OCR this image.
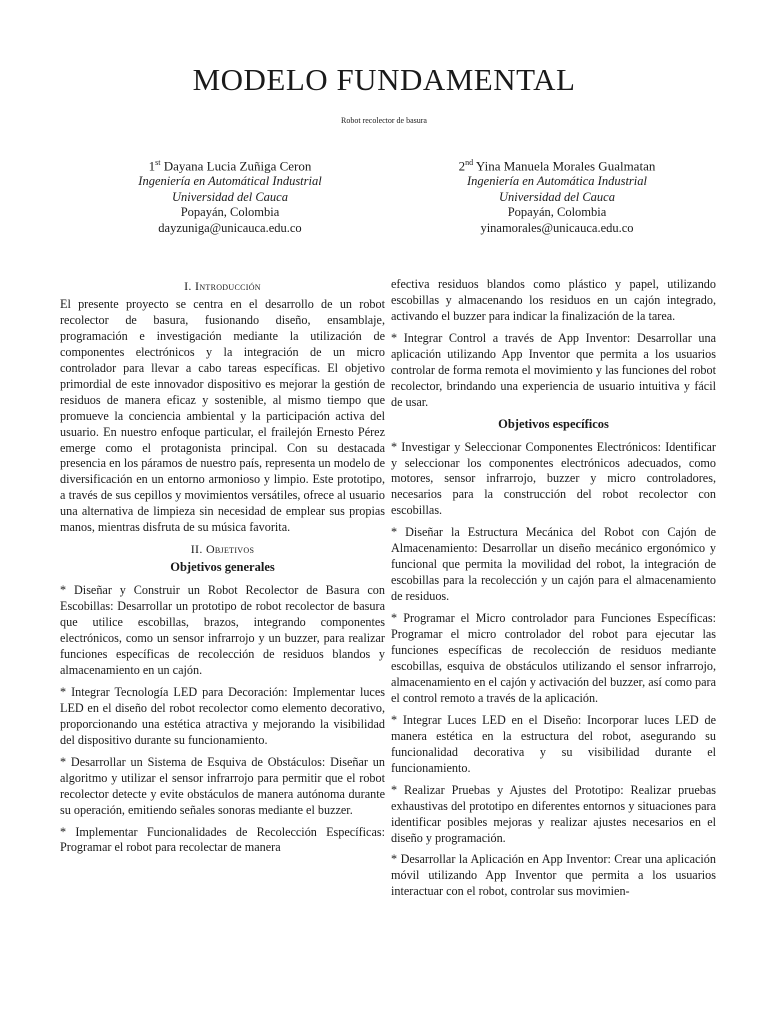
MODELO FUNDAMENTAL
Robot recolector de basura
1st Dayana Lucia Zuñiga Ceron
Ingeniería en Automátical Industrial
Universidad del Cauca
Popayán, Colombia
dayzuniga@unicauca.edu.co
2nd Yina Manuela Morales Gualmatan
Ingeniería en Automática Industrial
Universidad del Cauca
Popayán, Colombia
yinamorales@unicauca.edu.co
I. Introducción

El presente proyecto se centra en el desarrollo de un robot recolector de basura, fusionando diseño, ensamblaje, programación e investigación mediante la utilización de componentes electrónicos y la integración de un micro controlador para llevar a cabo tareas específicas. El objetivo primordial de este innovador dispositivo es mejorar la gestión de residuos de manera eficaz y sostenible, al mismo tiempo que promueve la conciencia ambiental y la participación activa del usuario. En nuestro enfoque particular, el frailejón Ernesto Pérez emerge como el protagonista principal. Con su destacada presencia en los páramos de nuestro país, representa un modelo de diversificación en un entorno armonioso y limpio. Este prototipo, a través de sus cepillos y movimientos versátiles, ofrece al usuario una alternativa de limpieza sin necesidad de emplear sus propias manos, mientras disfruta de su música favorita.

II. Objetivos
Objetivos generales

* Diseñar y Construir un Robot Recolector de Basura con Escobillas: Desarrollar un prototipo de robot recolector de basura que utilice escobillas, brazos, integrando componentes electrónicos, como un sensor infrarrojo y un buzzer, para realizar funciones específicas de recolección de residuos blandos y almacenamiento en un cajón.

* Integrar Tecnología LED para Decoración: Implementar luces LED en el diseño del robot recolector como elemento decorativo, proporcionando una estética atractiva y mejorando la visibilidad del dispositivo durante su funcionamiento.

* Desarrollar un Sistema de Esquiva de Obstáculos: Diseñar un algoritmo y utilizar el sensor infrarrojo para permitir que el robot recolector detecte y evite obstáculos de manera autónoma durante su operación, emitiendo señales sonoras mediante el buzzer.

* Implementar Funcionalidades de Recolección Específicas: Programar el robot para recolectar de manera

efectiva residuos blandos como plástico y papel, utilizando escobillas y almacenando los residuos en un cajón integrado, activando el buzzer para indicar la finalización de la tarea.

* Integrar Control a través de App Inventor: Desarrollar una aplicación utilizando App Inventor que permita a los usuarios controlar de forma remota el movimiento y las funciones del robot recolector, brindando una experiencia de usuario intuitiva y fácil de usar.

Objetivos específicos

* Investigar y Seleccionar Componentes Electrónicos: Identificar y seleccionar los componentes electrónicos adecuados, como motores, sensor infrarrojo, buzzer y micro controladores, necesarios para la construcción del robot recolector con escobillas.

* Diseñar la Estructura Mecánica del Robot con Cajón de Almacenamiento: Desarrollar un diseño mecánico ergonómico y funcional que permita la movilidad del robot, la integración de escobillas para la recolección y un cajón para el almacenamiento de residuos.

* Programar el Micro controlador para Funciones Específicas: Programar el micro controlador del robot para ejecutar las funciones específicas de recolección de residuos mediante escobillas, esquiva de obstáculos utilizando el sensor infrarrojo, almacenamiento en el cajón y activación del buzzer, así como para el control remoto a través de la aplicación.

* Integrar Luces LED en el Diseño: Incorporar luces LED de manera estética en la estructura del robot, asegurando su funcionalidad decorativa y su visibilidad durante el funcionamiento.

* Realizar Pruebas y Ajustes del Prototipo: Realizar pruebas exhaustivas del prototipo en diferentes entornos y situaciones para identificar posibles mejoras y realizar ajustes necesarios en el diseño y programación.

* Desarrollar la Aplicación en App Inventor: Crear una aplicación móvil utilizando App Inventor que permita a los usuarios interactuar con el robot, controlar sus movimien-
